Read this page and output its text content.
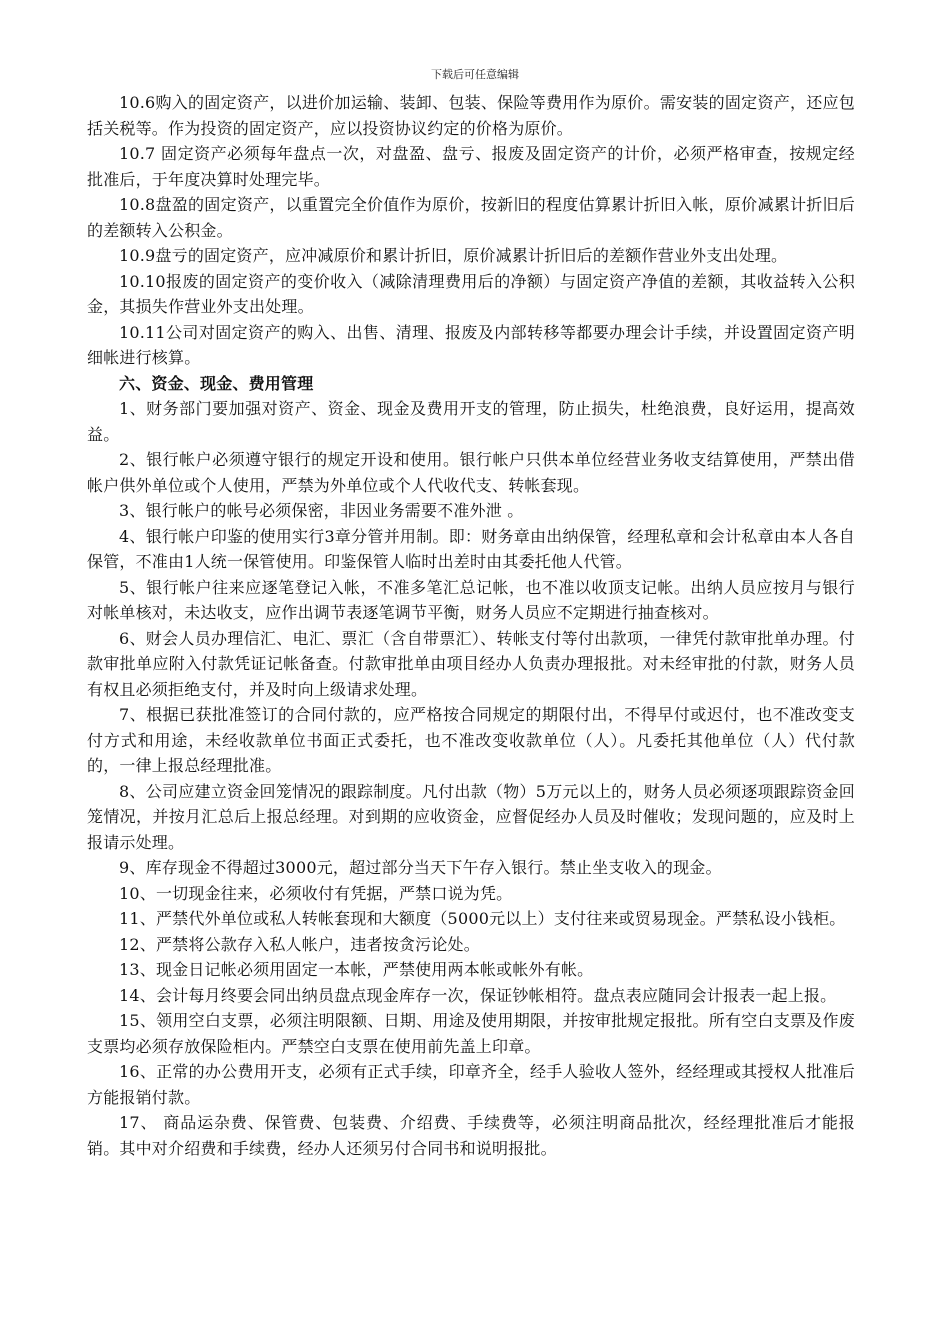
下载后可任意编辑

10.6购入的固定资产，以进价加运输、装卸、包装、保险等费用作为原价。需安装的固定资产，还应包括关税等。作为投资的固定资产，应以投资协议约定的价格为原价。

10.7 固定资产必须每年盘点一次，对盘盈、盘亏、报废及固定资产的计价，必须严格审查，按规定经批准后，于年度决算时处理完毕。

10.8盘盈的固定资产，以重置完全价值作为原价，按新旧的程度估算累计折旧入帐，原价减累计折旧后的差额转入公积金。

10.9盘亏的固定资产，应冲减原价和累计折旧，原价减累计折旧后的差额作营业外支出处理。

10.10报废的固定资产的变价收入（减除清理费用后的净额）与固定资产净值的差额，其收益转入公积金，其损失作营业外支出处理。

10.11公司对固定资产的购入、出售、清理、报废及内部转移等都要办理会计手续，并设置固定资产明细帐进行核算。

六、资金、现金、费用管理

1、财务部门要加强对资产、资金、现金及费用开支的管理，防止损失，杜绝浪费，良好运用，提高效益。

2、银行帐户必须遵守银行的规定开设和使用。银行帐户只供本单位经营业务收支结算使用，严禁出借帐户供外单位或个人使用，严禁为外单位或个人代收代支、转帐套现。

3、银行帐户的帐号必须保密，非因业务需要不准外泄 。

4、银行帐户印鉴的使用实行3章分管并用制。即：财务章由出纳保管，经理私章和会计私章由本人各自保管，不准由1人统一保管使用。印鉴保管人临时出差时由其委托他人代管。

5、银行帐户往来应逐笔登记入帐，不准多笔汇总记帐，也不准以收顶支记帐。出纳人员应按月与银行对帐单核对，未达收支，应作出调节表逐笔调节平衡，财务人员应不定期进行抽查核对。

6、财会人员办理信汇、电汇、票汇（含自带票汇）、转帐支付等付出款项，一律凭付款审批单办理。付款审批单应附入付款凭证记帐备查。付款审批单由项目经办人负责办理报批。对未经审批的付款，财务人员有权且必须拒绝支付，并及时向上级请求处理。

7、根据已获批准签订的合同付款的，应严格按合同规定的期限付出，不得早付或迟付，也不准改变支付方式和用途，未经收款单位书面正式委托，也不准改变收款单位（人）。凡委托其他单位（人）代付款的，一律上报总经理批准。

8、公司应建立资金回笼情况的跟踪制度。凡付出款（物）5万元以上的，财务人员必须逐项跟踪资金回笼情况，并按月汇总后上报总经理。对到期的应收资金，应督促经办人员及时催收；发现问题的，应及时上报请示处理。

9、库存现金不得超过3000元，超过部分当天下午存入银行。禁止坐支收入的现金。

10、一切现金往来，必须收付有凭据，严禁口说为凭。

11、严禁代外单位或私人转帐套现和大额度（5000元以上）支付往来或贸易现金。严禁私设小钱柜。

12、严禁将公款存入私人帐户，违者按贪污论处。

13、现金日记帐必须用固定一本帐，严禁使用两本帐或帐外有帐。

14、会计每月终要会同出纳员盘点现金库存一次，保证钞帐相符。盘点表应随同会计报表一起上报。

15、领用空白支票，必须注明限额、日期、用途及使用期限，并按审批规定报批。所有空白支票及作废支票均必须存放保险柜内。严禁空白支票在使用前先盖上印章。

16、正常的办公费用开支，必须有正式手续，印章齐全，经手人验收人签外，经经理或其授权人批准后方能报销付款。

17、 商品运杂费、保管费、包装费、介绍费、手续费等，必须注明商品批次，经经理批准后才能报销。其中对介绍费和手续费，经办人还须另付合同书和说明报批。
